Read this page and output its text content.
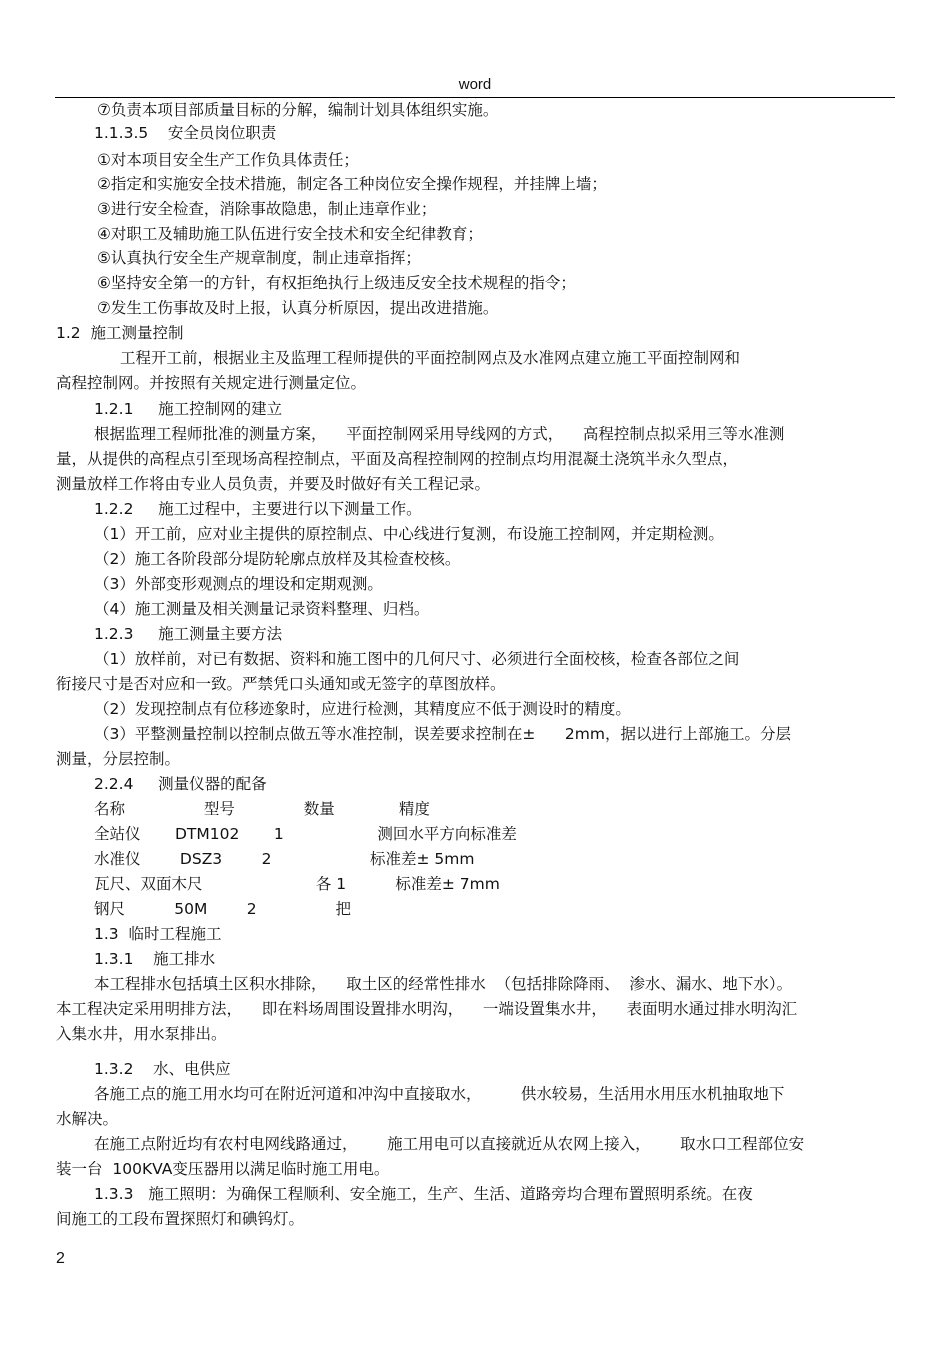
word
⑦负责本项目部质量目标的分解，编制计划具体组织实施。
1.1.3.5    安全员岗位职责
①对本项目安全生产工作负具体责任；
②指定和实施安全技术措施，制定各工种岗位安全操作规程，并挂牌上墙；
③进行安全检查，消除事故隐患，制止违章作业；
④对职工及辅助施工队伍进行安全技术和安全纪律教育；
⑤认真执行安全生产规章制度，制止违章指挥；
⑥坚持安全第一的方针，有权拒绝执行上级违反安全技术规程的指令；
⑦发生工伤事故及时上报，认真分析原因，提出改进措施。
1.2  施工测量控制
工程开工前，根据业主及监理工程师提供的平面控制网点及水准网点建立施工平面控制网和
高程控制网。并按照有关规定进行测量定位。
1.2.1     施工控制网的建立
根据监理工程师批准的测量方案，    平面控制网采用导线网的方式，    高程控制点拟采用三等水准测
量，从提供的高程点引至现场高程控制点，平面及高程控制网的控制点均用混凝土浇筑半永久型点，
测量放样工作将由专业人员负责，并要及时做好有关工程记录。
1.2.2     施工过程中，主要进行以下测量工作。
（1）开工前，应对业主提供的原控制点、中心线进行复测，布设施工控制网，并定期检测。
（2）施工各阶段部分堤防轮廓点放样及其检查校核。
（3）外部变形观测点的埋设和定期观测。
（4）施工测量及相关测量记录资料整理、归档。
1.2.3     施工测量主要方法
（1）放样前，对已有数据、资料和施工图中的几何尺寸、必须进行全面校核，检查各部位之间
衔接尺寸是否对应和一致。严禁凭口头通知或无签字的草图放样。
（2）发现控制点有位移迹象时，应进行检测，其精度应不低于测设时的精度。
（3）平整测量控制以控制点做五等水准控制，误差要求控制在±      2mm，据以进行上部施工。分层
测量，分层控制。
2.2.4     测量仪器的配备
名称                型号              数量             精度
全站仪       DTM102       1                   测回水平方向标准差
水准仪        DSZ3        2                    标准差± 5mm
瓦尺、双面木尺                       各 1          标准差± 7mm
钢尺          50M        2                把
1.3  临时工程施工
1.3.1    施工排水
本工程排水包括填土区积水排除，    取土区的经常性排水  （包括排除降雨、  渗水、漏水、地下水）。
本工程决定采用明排方法，    即在料场周围设置排水明沟，    一端设置集水井，    表面明水通过排水明沟汇
入集水井，用水泵排出。
1.3.2    水、电供应
各施工点的施工用水均可在附近河道和冲沟中直接取水，        供水较易，生活用水用压水机抽取地下
水解决。
在施工点附近均有农村电网线路通过，      施工用电可以直接就近从农网上接入，      取水口工程部位安
装一台  100KVA变压器用以满足临时施工用电。
1.3.3   施工照明：为确保工程顺利、安全施工，生产、生活、道路旁均合理布置照明系统。在夜
间施工的工段布置探照灯和碘钨灯。
2
